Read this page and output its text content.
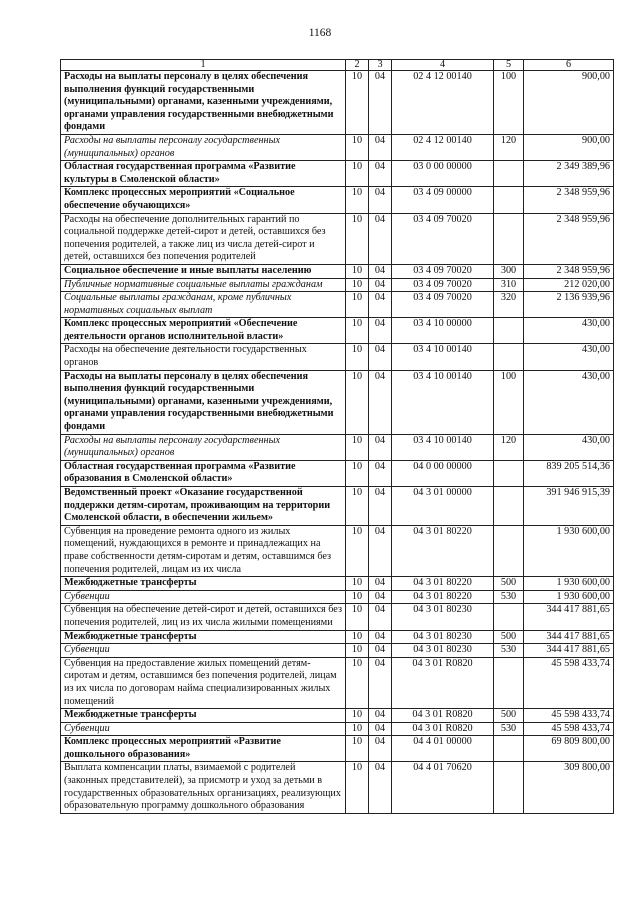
1168
1	2	3	4	5	6
Расходы на выплаты персоналу в целях обеспечения выполнения функций государственными (муниципальными) органами, казенными учреждениями, органами управления государственными внебюджетными фондами	10	04	02 4 12 00140	100	900,00
Расходы на выплаты персоналу государственных (муниципальных) органов	10	04	02 4 12 00140	120	900,00
Областная государственная программа «Развитие культуры в Смоленской области»	10	04	03 0 00 00000		2 349 389,96
Комплекс процессных мероприятий «Социальное обеспечение обучающихся»	10	04	03 4 09 00000		2 348 959,96
Расходы на обеспечение дополнительных гарантий по социальной поддержке детей-сирот и детей, оставшихся без попечения родителей, а также лиц из числа детей-сирот и детей, оставшихся без попечения родителей	10	04	03 4 09 70020		2 348 959,96
Социальное обеспечение и иные выплаты населению	10	04	03 4 09 70020	300	2 348 959,96
Публичные нормативные социальные выплаты гражданам	10	04	03 4 09 70020	310	212 020,00
Социальные выплаты гражданам, кроме публичных нормативных социальных выплат	10	04	03 4 09 70020	320	2 136 939,96
Комплекс процессных мероприятий «Обеспечение деятельности органов исполнительной власти»	10	04	03 4 10 00000		430,00
Расходы на обеспечение деятельности государственных органов	10	04	03 4 10 00140		430,00
Расходы на выплаты персоналу в целях обеспечения выполнения функций государственными (муниципальными) органами, казенными учреждениями, органами управления государственными внебюджетными фондами	10	04	03 4 10 00140	100	430,00
Расходы на выплаты персоналу государственных (муниципальных) органов	10	04	03 4 10 00140	120	430,00
Областная государственная программа «Развитие образования в Смоленской области»	10	04	04 0 00 00000		839 205 514,36
Ведомственный проект «Оказание государственной поддержки детям-сиротам, проживающим на территории Смоленской области, в обеспечении жильем»	10	04	04 3 01 00000		391 946 915,39
Субвенция на проведение ремонта одного из жилых помещений, нуждающихся в ремонте и принадлежащих на праве собственности детям-сиротам и детям, оставшимся без попечения родителей, лицам из их числа	10	04	04 3 01 80220		1 930 600,00
Межбюджетные трансферты	10	04	04 3 01 80220	500	1 930 600,00
Субвенции	10	04	04 3 01 80220	530	1 930 600,00
Субвенция на обеспечение детей-сирот и детей, оставшихся без попечения родителей, лиц из их числа жилыми помещениями	10	04	04 3 01 80230		344 417 881,65
Межбюджетные трансферты	10	04	04 3 01 80230	500	344 417 881,65
Субвенции	10	04	04 3 01 80230	530	344 417 881,65
Субвенция на предоставление жилых помещений детям-сиротам и детям, оставшимся без попечения родителей, лицам из их числа по договорам найма специализированных жилых помещений	10	04	04 3 01 R0820		45 598 433,74
Межбюджетные трансферты	10	04	04 3 01 R0820	500	45 598 433,74
Субвенции	10	04	04 3 01 R0820	530	45 598 433,74
Комплекс процессных мероприятий «Развитие дошкольного образования»	10	04	04 4 01 00000		69 809 800,00
Выплата компенсации платы, взимаемой с родителей (законных представителей), за присмотр и уход за детьми в государственных образовательных организациях, реализующих образовательную программу дошкольного образования	10	04	04 4 01 70620		309 800,00
